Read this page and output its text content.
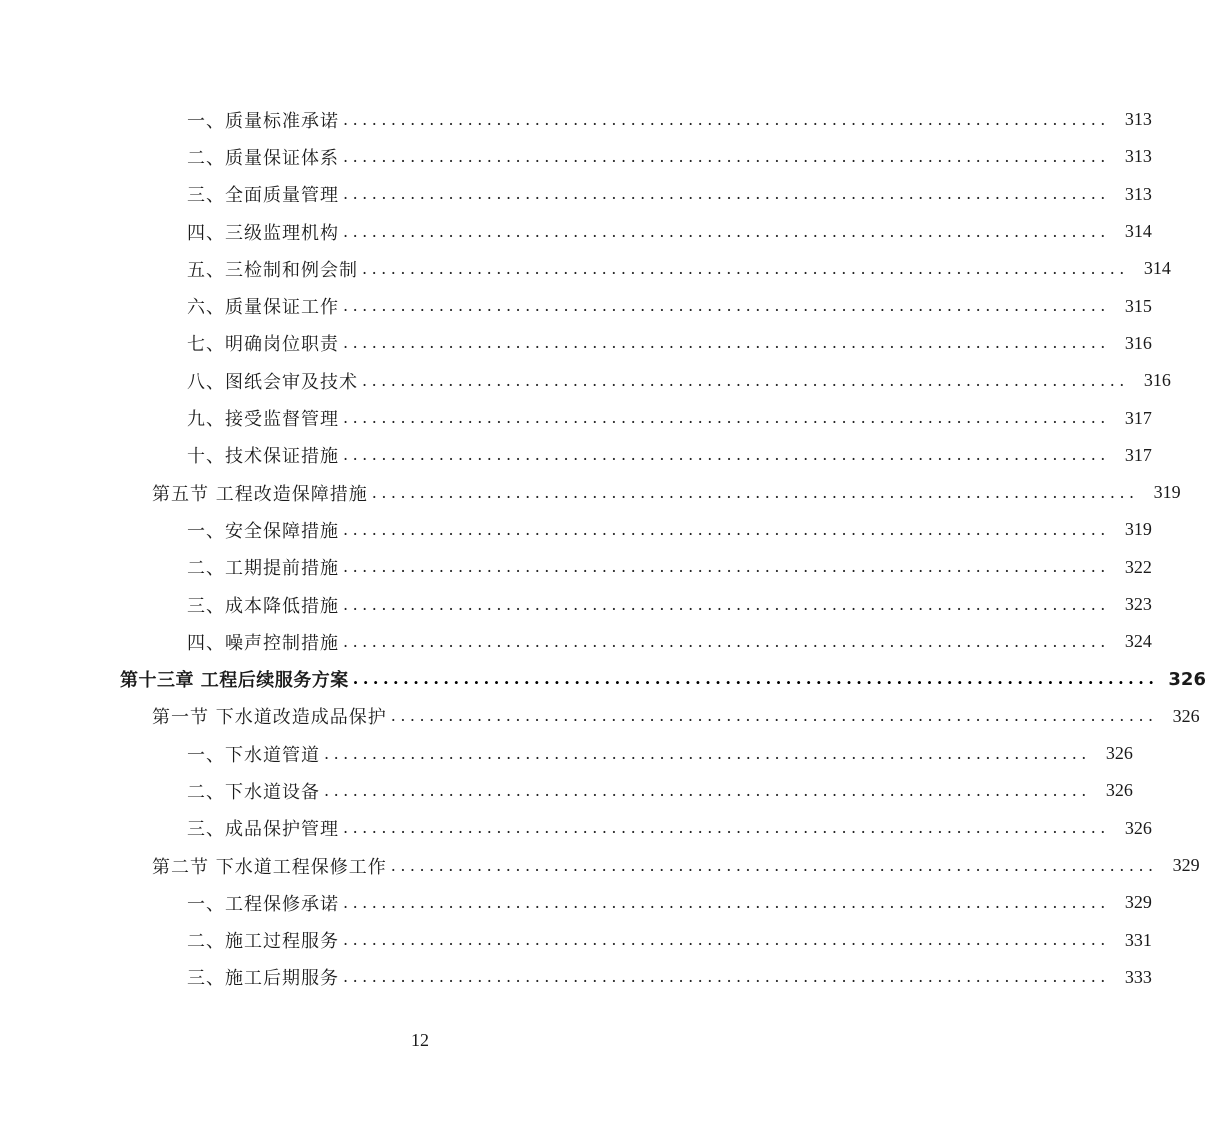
一、质量标准承诺 ................................................................................ 313
二、质量保证体系 ................................................................................ 313
三、全面质量管理 ................................................................................ 313
四、三级监理机构 ................................................................................ 314
五、三检制和例会制 ................................................................................ 314
六、质量保证工作 ................................................................................ 315
七、明确岗位职责 ................................................................................ 316
八、图纸会审及技术 ................................................................................ 316
九、接受监督管理 ................................................................................ 317
十、技术保证措施 ................................................................................ 317
第五节 工程改造保障措施 ................................................................................ 319
一、安全保障措施 ................................................................................ 319
二、工期提前措施 ................................................................................ 322
三、成本降低措施 ................................................................................ 323
四、噪声控制措施 ................................................................................ 324
第十三章 工程后续服务方案 ................................................................................ 326
第一节 下水道改造成品保护 ................................................................................ 326
一、下水道管道 ................................................................................ 326
二、下水道设备 ................................................................................ 326
三、成品保护管理 ................................................................................ 326
第二节 下水道工程保修工作 ................................................................................ 329
一、工程保修承诺 ................................................................................ 329
二、施工过程服务 ................................................................................ 331
三、施工后期服务 ................................................................................ 333
12
